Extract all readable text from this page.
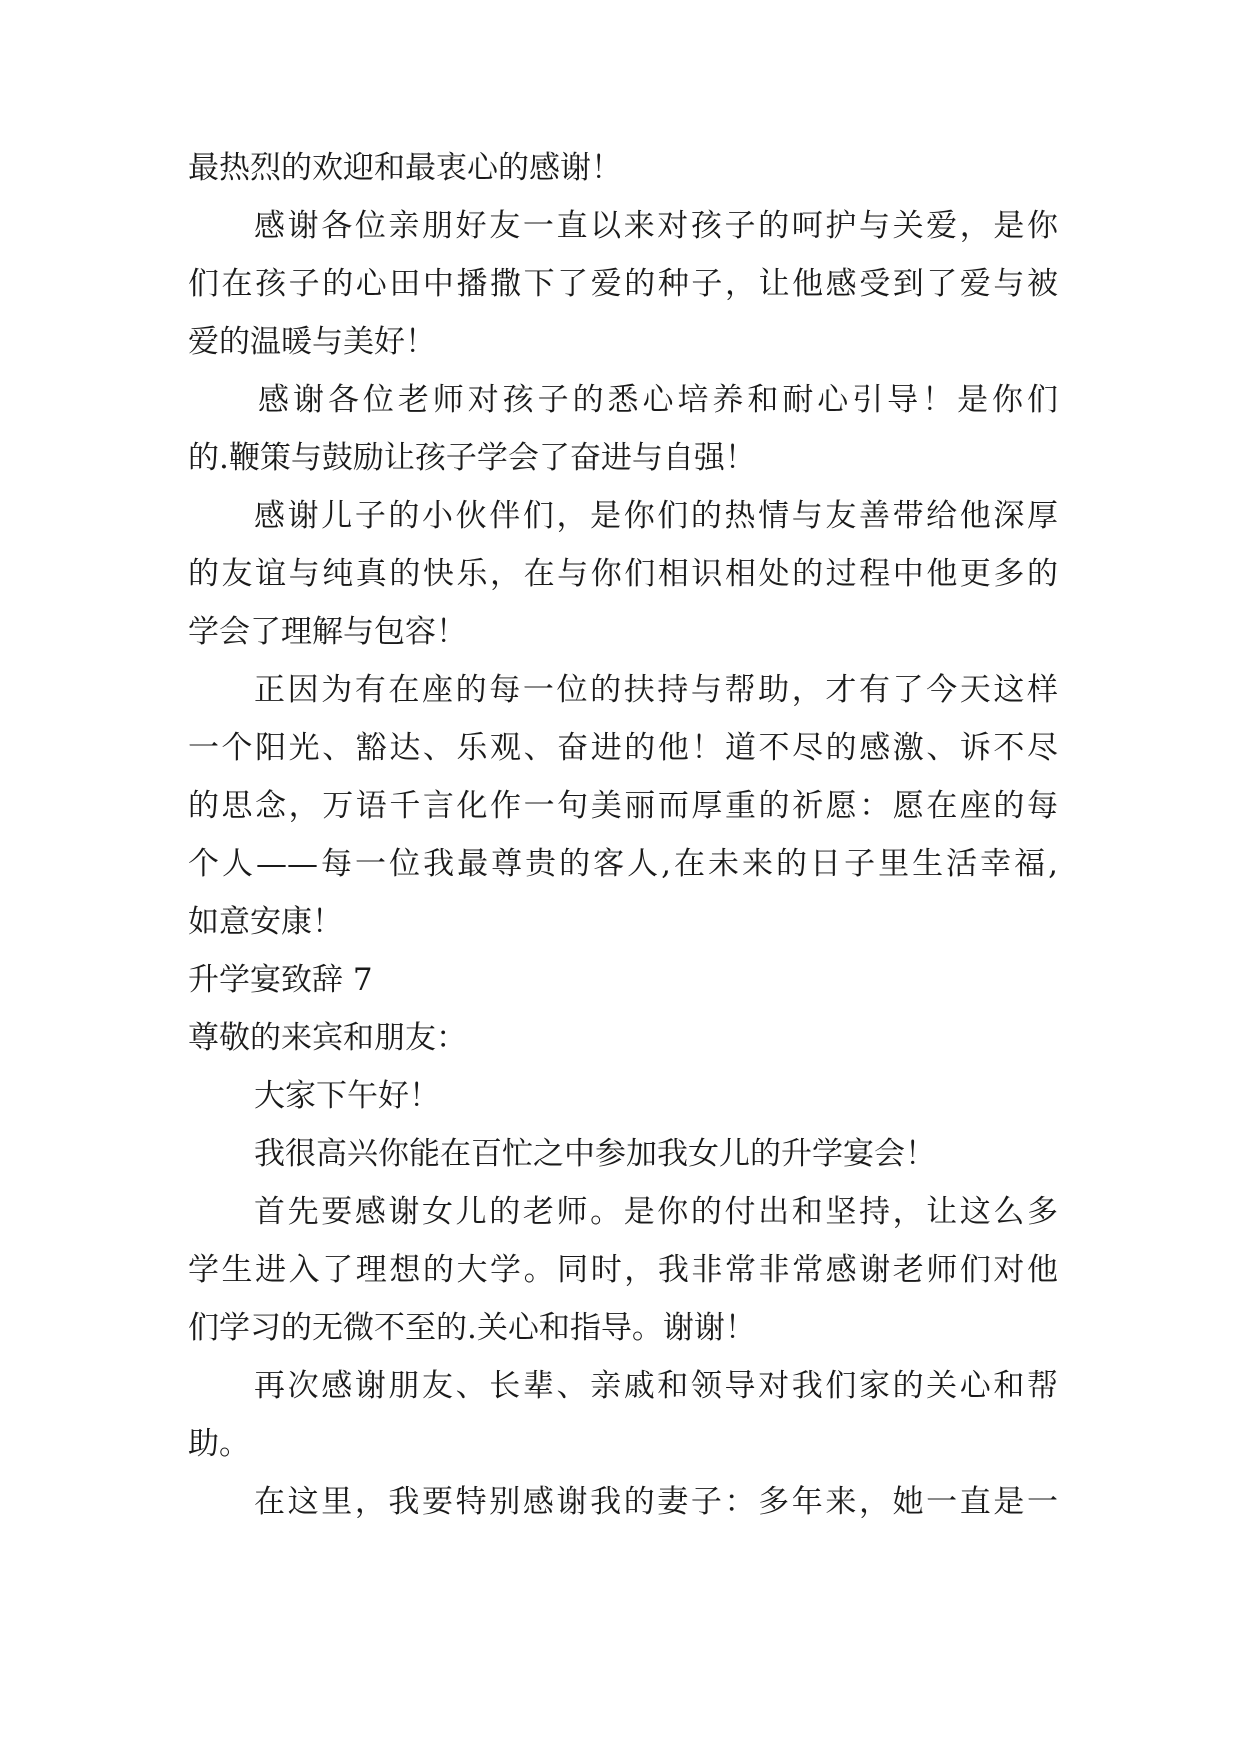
最热烈的欢迎和最衷心的感谢！

感谢各位亲朋好友一直以来对孩子的呵护与关爱，是你

们在孩子的心田中播撒下了爱的种子，让他感受到了爱与被

爱的温暖与美好！

感谢各位老师对孩子的悉心培养和耐心引导！是你们

的.鞭策与鼓励让孩子学会了奋进与自强！

感谢儿子的小伙伴们，是你们的热情与友善带给他深厚

的友谊与纯真的快乐，在与你们相识相处的过程中他更多的

学会了理解与包容！

正因为有在座的每一位的扶持与帮助，才有了今天这样

一个阳光、豁达、乐观、奋进的他！道不尽的感激、诉不尽

的思念，万语千言化作一句美丽而厚重的祈愿：愿在座的每

个人——每一位我最尊贵的客人,在未来的日子里生活幸福,

如意安康！

升学宴致辞 7

尊敬的来宾和朋友：

大家下午好！

我很高兴你能在百忙之中参加我女儿的升学宴会！

首先要感谢女儿的老师。是你的付出和坚持，让这么多

学生进入了理想的大学。同时，我非常非常感谢老师们对他

们学习的无微不至的.关心和指导。谢谢！

再次感谢朋友、长辈、亲戚和领导对我们家的关心和帮

助。

在这里，我要特别感谢我的妻子：多年来，她一直是一
